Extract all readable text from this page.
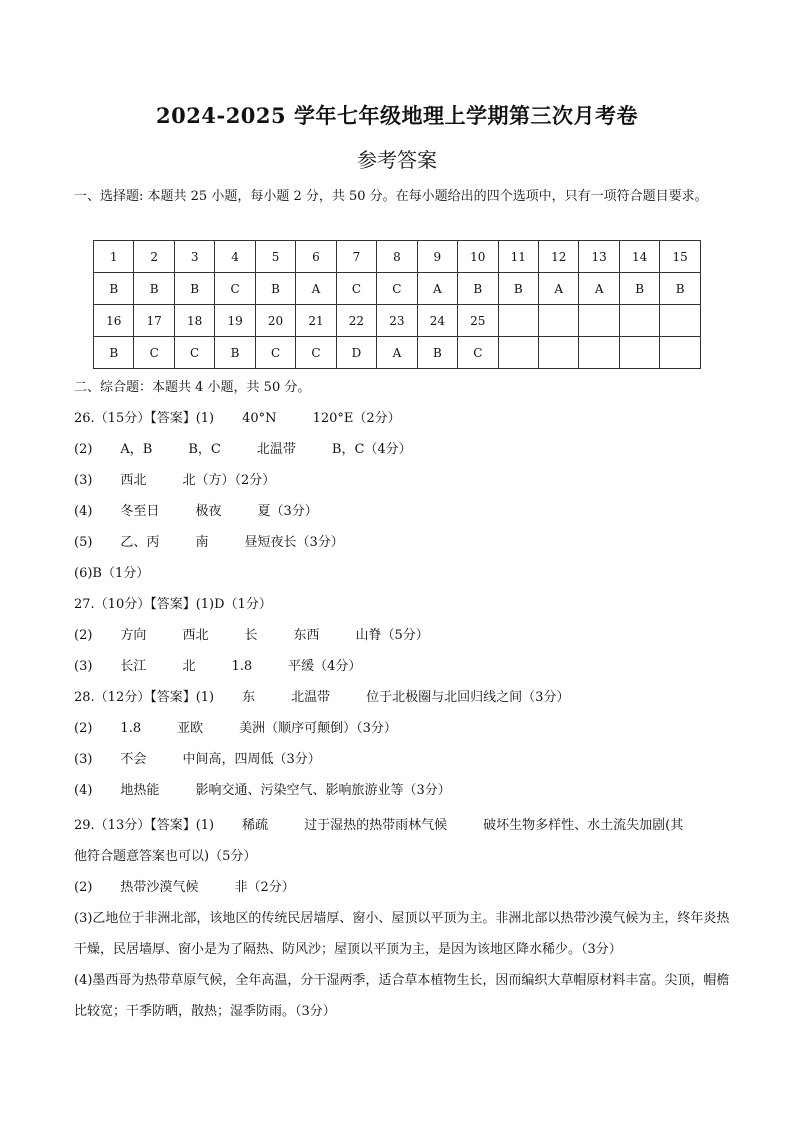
2024-2025 学年七年级地理上学期第三次月考卷
参考答案
一、选择题: 本题共 25 小题，每小题 2 分，共 50 分。在每小题给出的四个选项中，只有一项符合题目要求。
1	2	3	4	5	6	7	8	9	10	11	12	13	14	15
B	B	B	C	B	A	C	C	A	B	B	A	A	B	B
16	17	18	19	20	21	22	23	24	25					
B	C	C	B	C	C	D	A	B	C					
二、综合题：本题共 4 小题，共 50 分。
26.（15分）【答案】(1) 40°N	120°E（2分）
(2) A，B	B，C	北温带	B，C（4分）
(3) 西北	北（方）（2分）
(4) 冬至日	极夜	夏（3分）
(5) 乙、丙	南	昼短夜长（3分）
(6)B（1分）
27.（10分）【答案】(1)D（1分）
(2) 方向	西北	长	东西	山脊（5分）
(3) 长江	北	1.8	平缓（4分）
28.（12分）【答案】(1) 东	北温带	位于北极圈与北回归线之间（3分）
(2) 1.8	亚欧	美洲（顺序可颠倒）（3分）
(3) 不会	中间高，四周低（3分）
(4) 地热能	影响交通、污染空气、影响旅游业等（3分）
29.（13分）【答案】(1) 稀疏	过于湿热的热带雨林气候	破坏生物多样性、水土流失加剧(其
他符合题意答案也可以)（5分）
(2) 热带沙漠气候	非（2分）
(3)乙地位于非洲北部，该地区的传统民居墙厚、窗小、屋顶以平顶为主。非洲北部以热带沙漠气候为主，终年炎热干燥，民居墙厚、窗小是为了隔热、防风沙；屋顶以平顶为主，是因为该地区降水稀少。（3分）
(4)墨西哥为热带草原气候，全年高温，分干湿两季，适合草本植物生长，因而编织大草帽原材料丰富。尖顶，帽檐比较宽；干季防晒，散热；湿季防雨。（3分）
